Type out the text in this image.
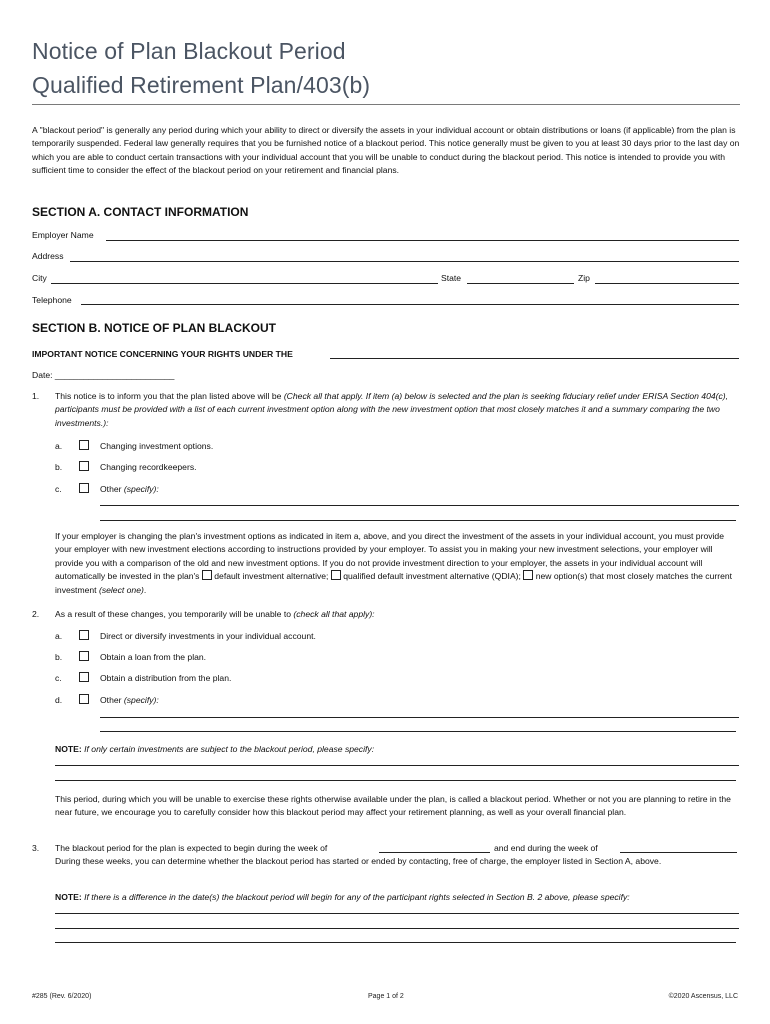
Notice of Plan Blackout Period
Qualified Retirement Plan/403(b)
A "blackout period" is generally any period during which your ability to direct or diversify the assets in your individual account or obtain distributions or loans (if applicable) from the plan is temporarily suspended. Federal law generally requires that you be furnished notice of a blackout period. This notice generally must be given to you at least 30 days prior to the last day on which you are able to conduct certain transactions with your individual account that you will be unable to conduct during the blackout period. This notice is intended to provide you with sufficient time to consider the effect of the blackout period on your retirement and financial plans.
SECTION A. CONTACT INFORMATION
Employer Name
Address
City	State	Zip
Telephone
SECTION B. NOTICE OF PLAN BLACKOUT
IMPORTANT NOTICE CONCERNING YOUR RIGHTS UNDER THE
Date: _________________________
1. This notice is to inform you that the plan listed above will be (Check all that apply. If item (a) below is selected and the plan is seeking fiduciary relief under ERISA Section 404(c), participants must be provided with a list of each current investment option along with the new investment option that most closely matches it and a summary comparing the two investments.):
a.	Changing investment options.
b.	Changing recordkeepers.
c.	Other (specify):
If your employer is changing the plan's investment options as indicated in item a, above, and you direct the investment of the assets in your individual account, you must provide your employer with new investment elections according to instructions provided by your employer. To assist you in making your new investment selections, your employer will provide you with a comparison of the old and new investment options. If you do not provide investment direction to your employer, the assets in your individual account will automatically be invested in the plan's default investment alternative; qualified default investment alternative (QDIA); new option(s) that most closely matches the current investment (select one).
2. As a result of these changes, you temporarily will be unable to (check all that apply):
a.	Direct or diversify investments in your individual account.
b.	Obtain a loan from the plan.
c.	Obtain a distribution from the plan.
d.	Other (specify):
NOTE: If only certain investments are subject to the blackout period, please specify:
This period, during which you will be unable to exercise these rights otherwise available under the plan, is called a blackout period. Whether or not you are planning to retire in the near future, we encourage you to carefully consider how this blackout period may affect your retirement planning, as well as your overall financial plan.
3. The blackout period for the plan is expected to begin during the week of	and end during the week of
During these weeks, you can determine whether the blackout period has started or ended by contacting, free of charge, the employer listed in Section A, above.
NOTE: If there is a difference in the date(s) the blackout period will begin for any of the participant rights selected in Section B. 2 above, please specify:
#285 (Rev. 6/2020)	Page 1 of 2	©2020 Ascensus, LLC
